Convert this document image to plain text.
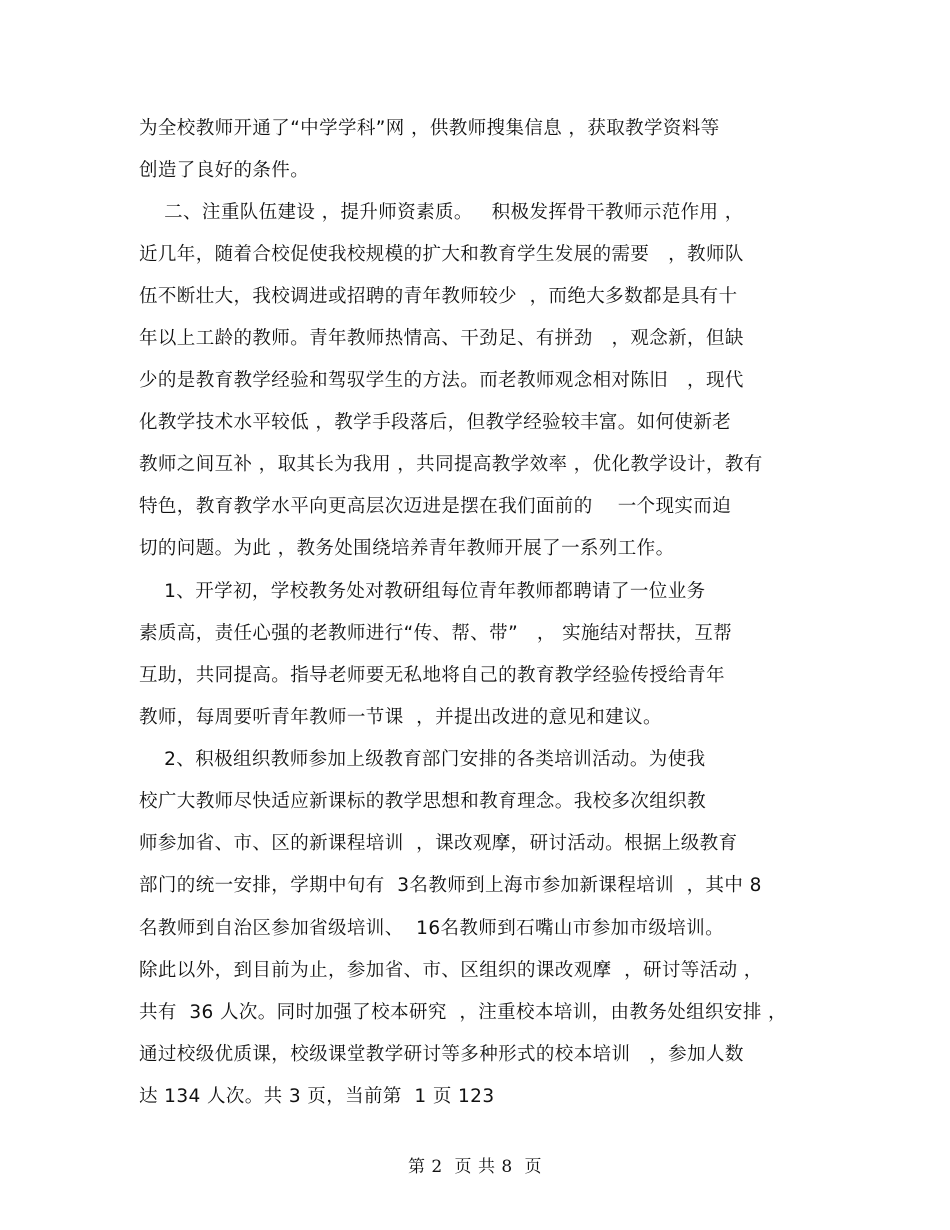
为全校教师开通了“中学学科”网 ，供教师搜集信息 ，获取教学资料等
创造了良好的条件。
二、注重队伍建设 ，提升师资素质。   积极发挥骨干教师示范作用 ，
近几年，随着合校促使我校规模的扩大和教育学生发展的需要   ，教师队
伍不断壮大，我校调进或招聘的青年教师较少  ，而绝大多数都是具有十
年以上工龄的教师。青年教师热情高、干劲足、有拼劲   ，观念新，但缺
少的是教育教学经验和驾驭学生的方法。而老教师观念相对陈旧   ，现代
化教学技术水平较低 ，教学手段落后，但教学经验较丰富。如何使新老
教师之间互补 ，取其长为我用 ，共同提高教学效率 ，优化教学设计，教有
特色，教育教学水平向更高层次迈进是摆在我们面前的    一个现实而迫
切的问题。为此 ，教务处围绕培养青年教师开展了一系列工作。
1、开学初，学校教务处对教研组每位青年教师都聘请了一位业务
素质高，责任心强的老教师进行“传、帮、带”   ， 实施结对帮扶，互帮
互助，共同提高。指导老师要无私地将自己的教育教学经验传授给青年
教师，每周要听青年教师一节课  ，并提出改进的意见和建议。
2、积极组织教师参加上级教育部门安排的各类培训活动。为使我
校广大教师尽快适应新课标的教学思想和教育理念。我校多次组织教
师参加省、市、区的新课程培训  ，课改观摩，研讨活动。根据上级教育
部门的统一安排，学期中旬有  3名教师到上海市参加新课程培训  ，其中 8
名教师到自治区参加省级培训、  16名教师到石嘴山市参加市级培训。
除此以外，到目前为止，参加省、市、区组织的课改观摩  ，研讨等活动 ，
共有  36 人次。同时加强了校本研究  ，注重校本培训，由教务处组织安排 ，
通过校级优质课，校级课堂教学研讨等多种形式的校本培训   ，参加人数
达 134 人次。共 3 页，当前第  1 页 123
第 2  页 共 8  页
